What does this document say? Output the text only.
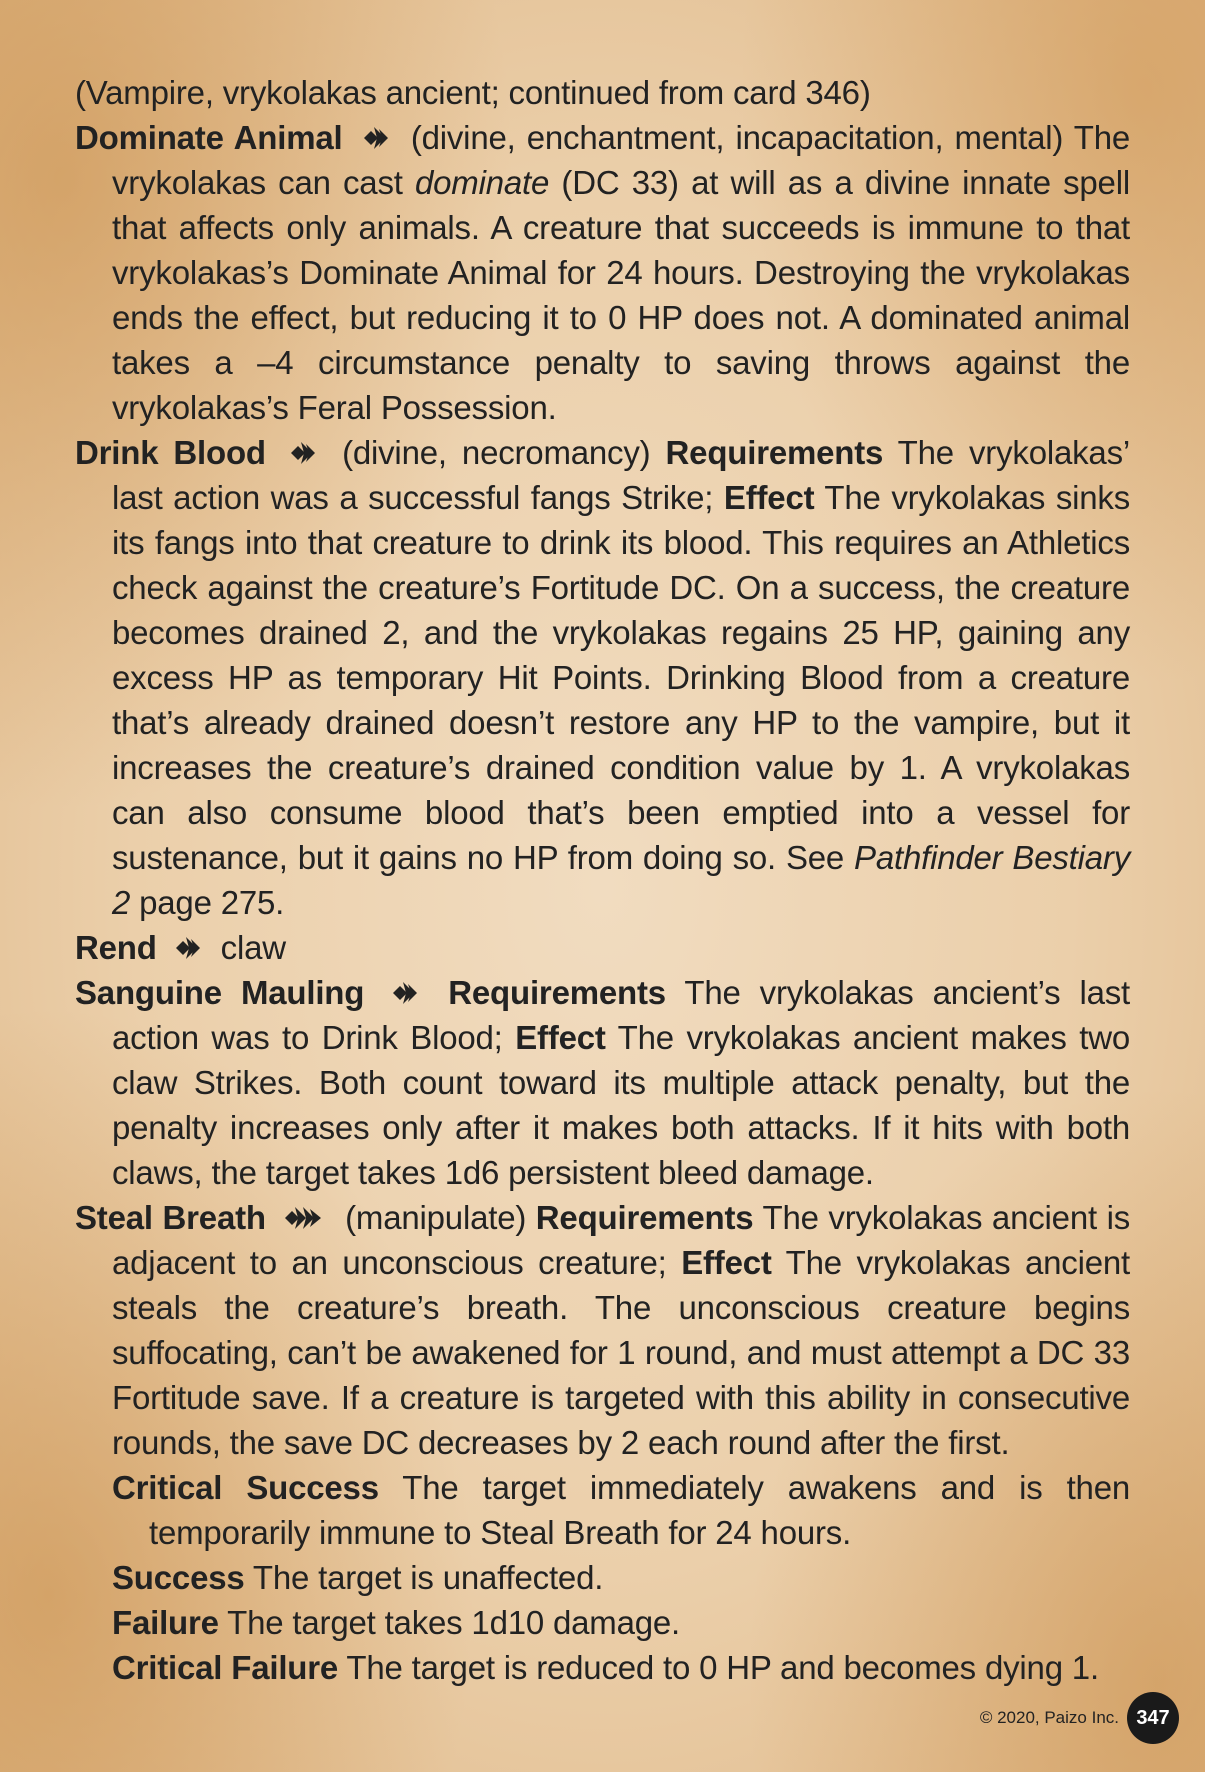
(Vampire, vrykolakas ancient; continued from card 346)

Dominate Animal (divine, enchantment, incapacitation, mental) The vrykolakas can cast dominate (DC 33) at will as a divine innate spell that affects only animals. A creature that succeeds is immune to that vrykolakas’s Dominate Animal for 24 hours. Destroying the vrykolakas ends the effect, but reducing it to 0 HP does not. A dominated animal takes a –4 circumstance penalty to saving throws against the vrykolakas’s Feral Possession.

Drink Blood (divine, necromancy) Requirements The vrykolakas’ last action was a successful fangs Strike; Effect The vrykolakas sinks its fangs into that creature to drink its blood. This requires an Athletics check against the creature’s Fortitude DC. On a success, the creature becomes drained 2, and the vrykolakas regains 25 HP, gaining any excess HP as temporary Hit Points. Drinking Blood from a creature that’s already drained doesn’t restore any HP to the vampire, but it increases the creature’s drained condition value by 1. A vrykolakas can also consume blood that’s been emptied into a vessel for sustenance, but it gains no HP from doing so. See Pathfinder Bestiary 2 page 275.

Rend claw

Sanguine Mauling	Requirements The vrykolakas ancient’s last action was to Drink Blood; Effect The vrykolakas ancient makes two claw Strikes. Both count toward its multiple attack penalty, but the penalty increases only after it makes both attacks. If it hits with both claws, the target takes 1d6 persistent bleed damage.

Steal Breath (manipulate) Requirements The vrykolakas ancient is adjacent to an unconscious creature; Effect The vrykolakas ancient steals the creature’s breath. The unconscious creature begins suffocating, can’t be awakened for 1 round, and must attempt a DC 33 Fortitude save. If a creature is targeted with this ability in consecutive rounds, the save DC decreases by 2 each round after the first.

Critical Success The target immediately awakens and is then temporarily immune to Steal Breath for 24 hours.

Success The target is unaffected.

Failure The target takes 1d10 damage.

Critical Failure The target is reduced to 0 HP and becomes dying 1.

© 2020, Paizo Inc. 347
